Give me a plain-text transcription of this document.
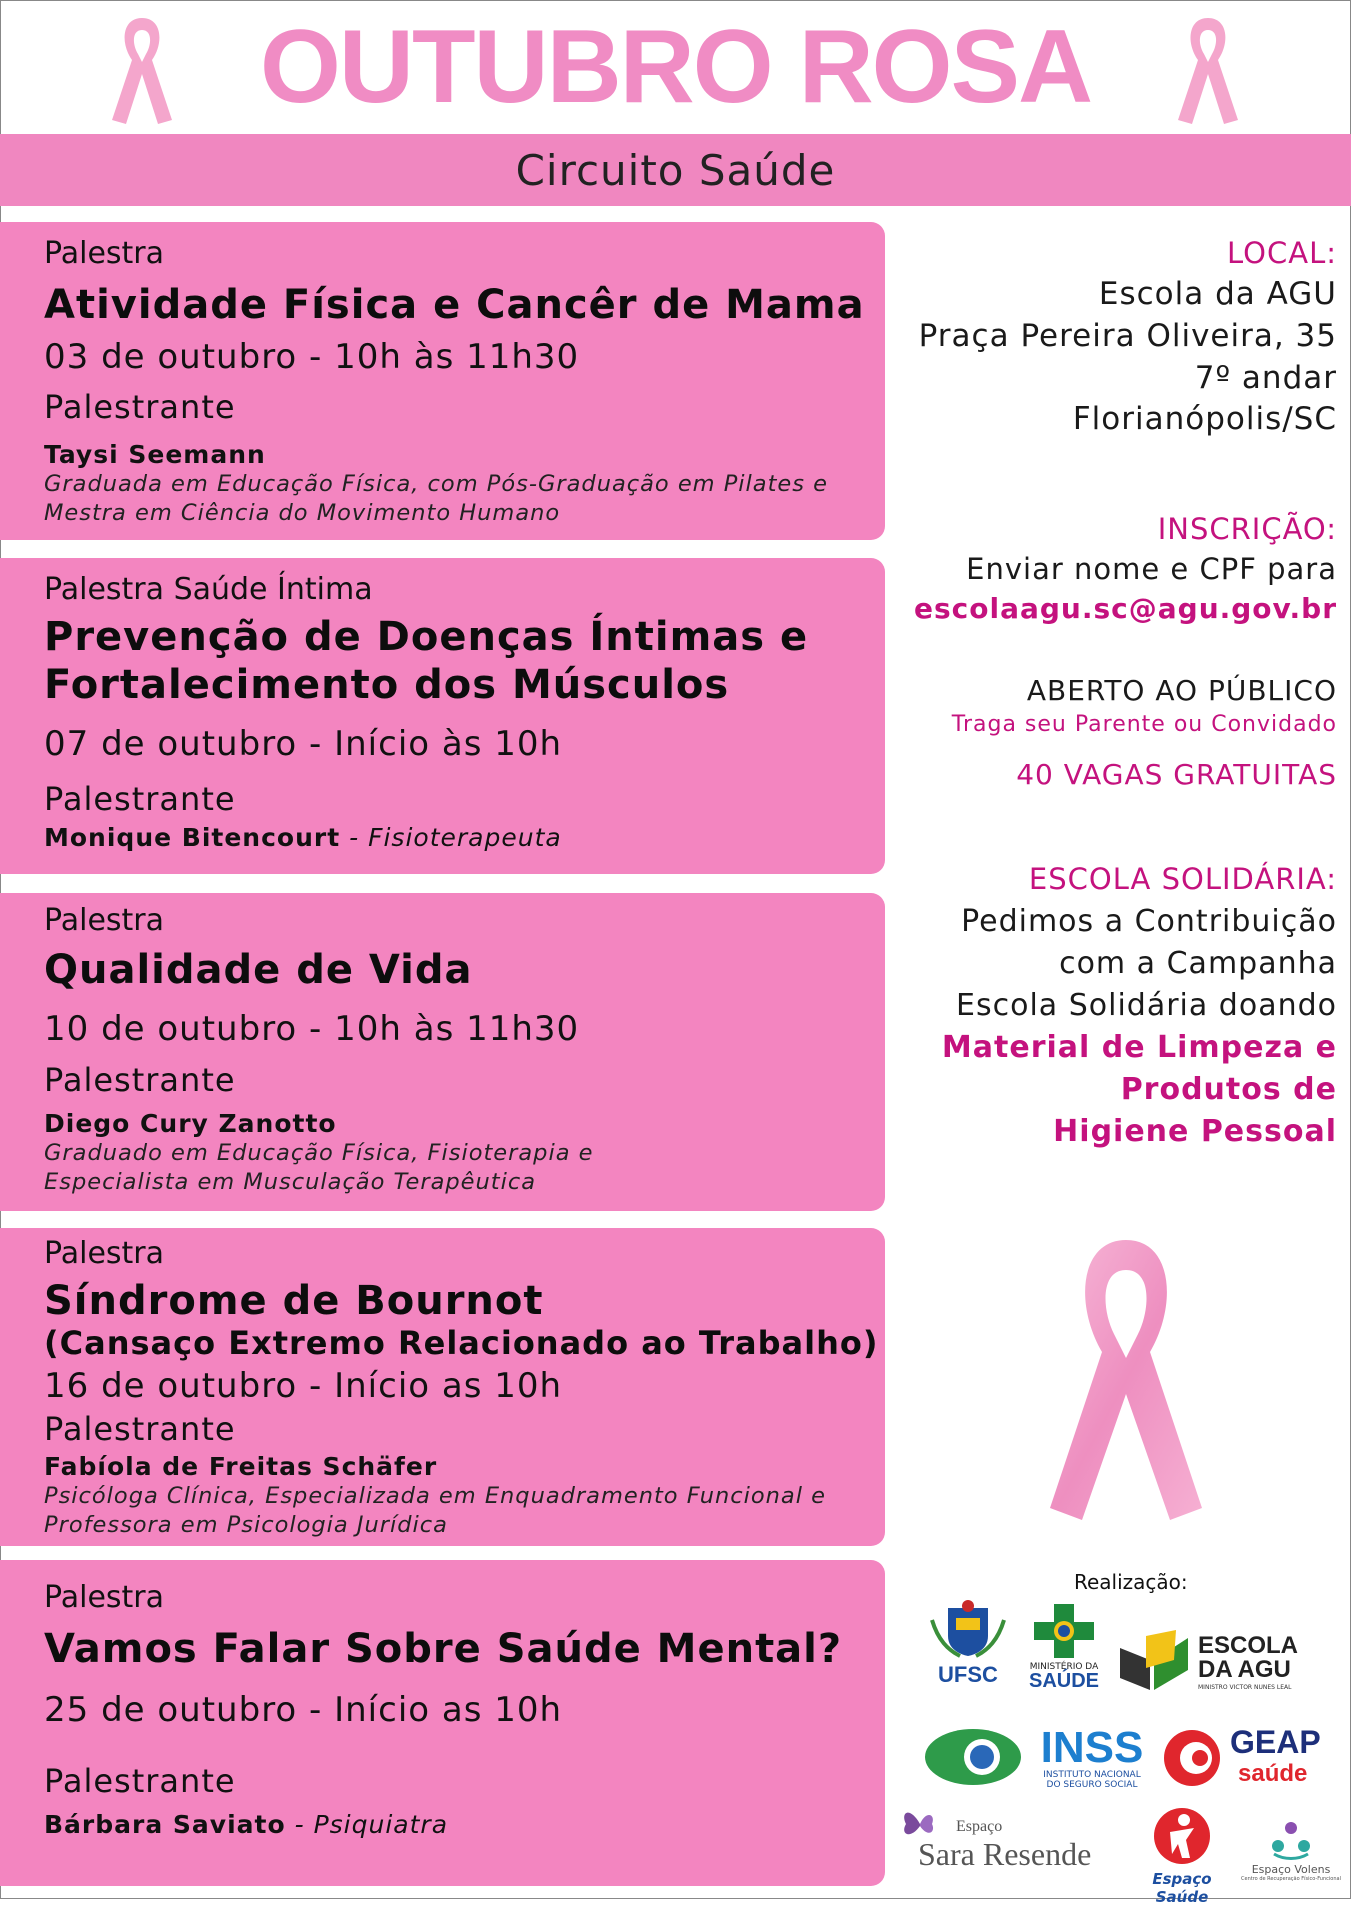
OUTUBRO ROSA
Circuito Saúde
Palestra
Atividade Física e Cancêr de Mama
03 de outubro - 10h às 11h30
Palestrante
Taysi Seemann
Graduada em Educação Física, com Pós-Graduação em Pilates e
Mestra em Ciência do Movimento Humano
Palestra Saúde Íntima
Prevenção de Doenças Íntimas e
Fortalecimento dos Músculos
07 de outubro - Início às 10h
Palestrante
Monique Bitencourt - Fisioterapeuta
Palestra
Qualidade de Vida
10 de outubro - 10h às 11h30
Palestrante
Diego Cury Zanotto
Graduado em Educação Física, Fisioterapia e
Especialista em Musculação Terapêutica
Palestra
Síndrome de Bournot
(Cansaço Extremo Relacionado ao Trabalho)
16 de outubro - Início as 10h
Palestrante
Fabíola de Freitas Schäfer
Psicóloga Clínica, Especializada em Enquadramento Funcional e
Professora em Psicologia Jurídica
Palestra
Vamos Falar Sobre Saúde Mental?
25 de outubro - Início as 10h
Palestrante
Bárbara Saviato - Psiquiatra
LOCAL:
Escola da AGU
Praça Pereira Oliveira, 35
7º andar
Florianópolis/SC
INSCRIÇÃO:
Enviar nome e CPF para
escolaagu.sc@agu.gov.br
ABERTO AO PÚBLICO
Traga seu Parente ou Convidado
40 VAGAS GRATUITAS
ESCOLA SOLIDÁRIA:
Pedimos a Contribuição
com a Campanha
Escola Solidária doando
Material de Limpeza e
Produtos de
Higiene Pessoal
Realização:
UFSC	MINISTÉRIO DA
SAÚDE
ESCOLA
DA AGU
MINISTRO VICTOR NUNES LEAL
INSS
INSTITUTO NACIONAL
DO SEGURO SOCIAL
GEAP
saúde
Espaço
Sara Resende
Espaço Saúde
Espaço Volens
Centro de Recuperação Físico-Funcional
